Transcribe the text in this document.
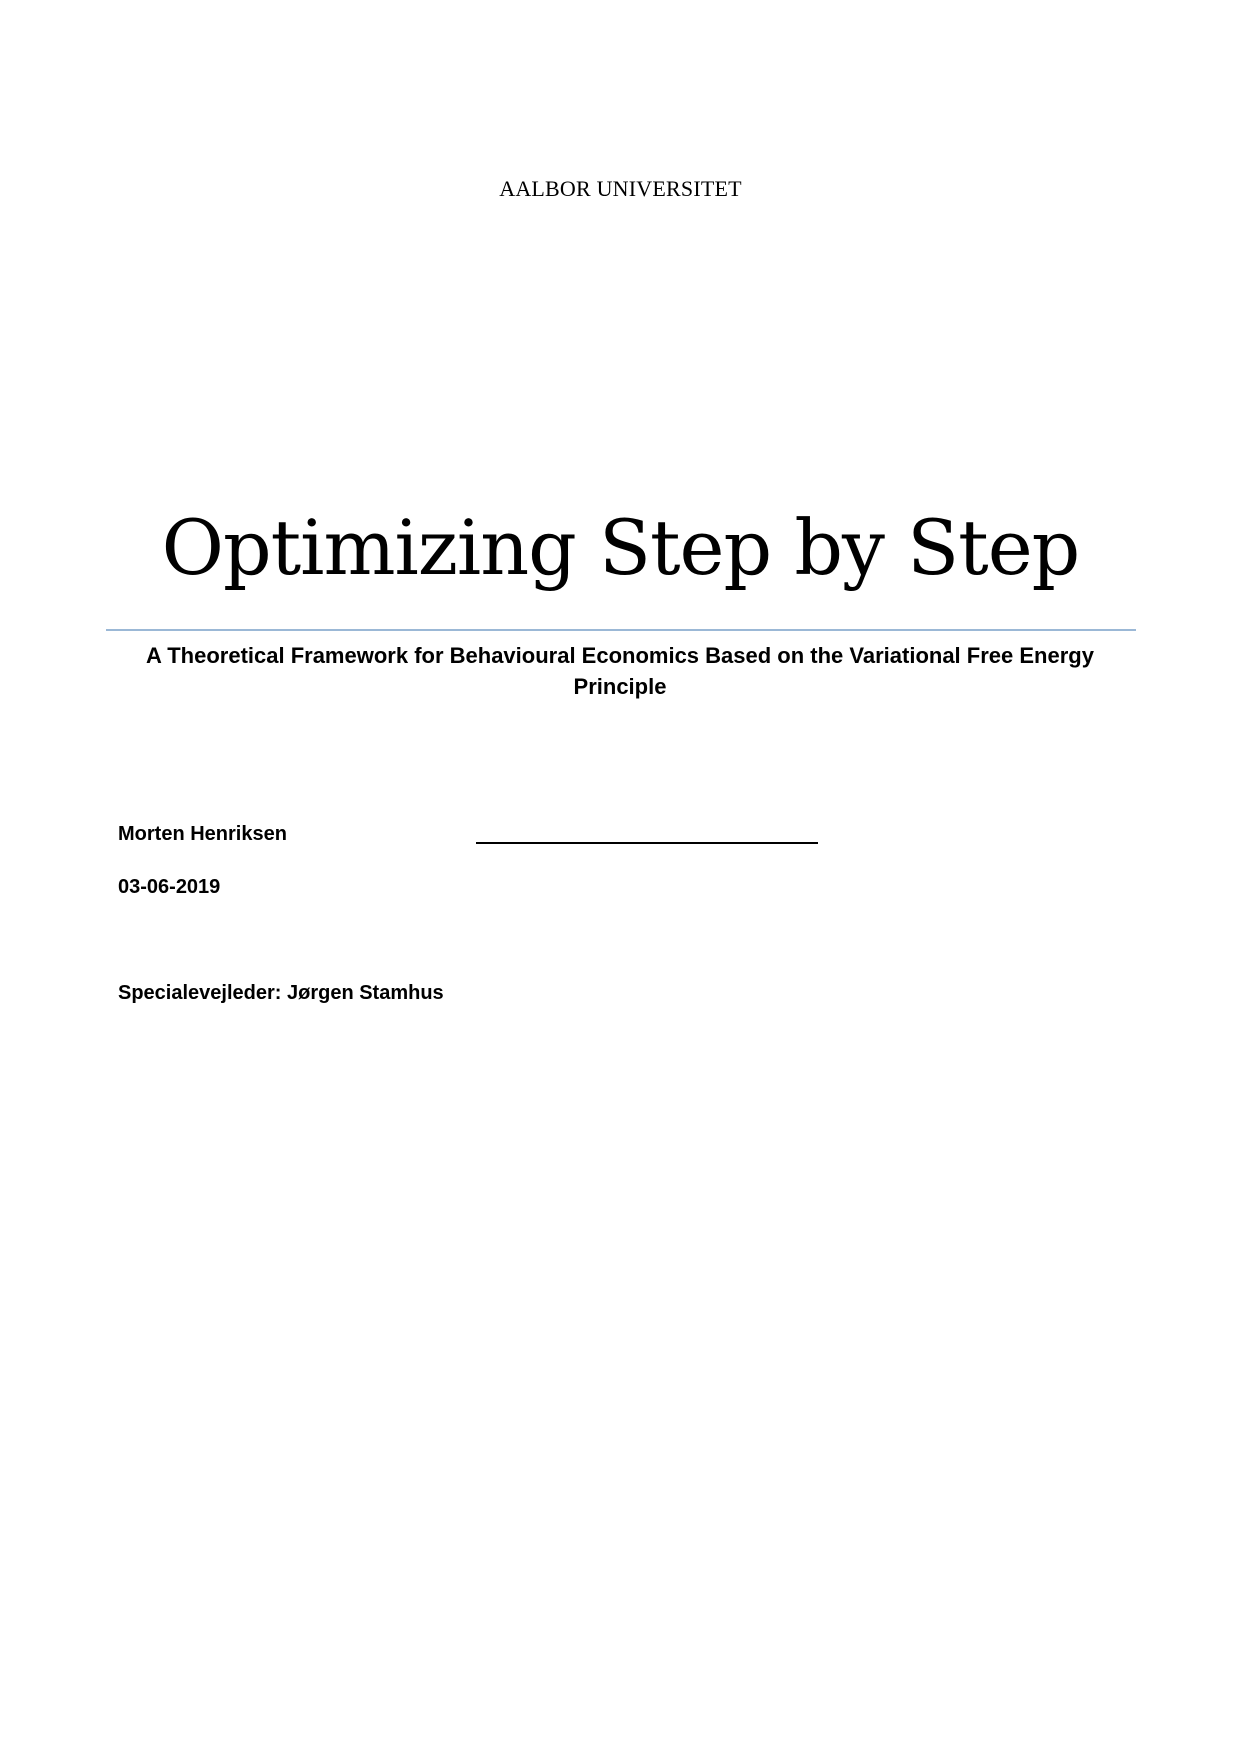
AALBOR UNIVERSITET
Optimizing Step by Step
A Theoretical Framework for Behavioural Economics Based on the Variational Free Energy Principle
Morten Henriksen
03-06-2019
Specialevejleder: Jørgen Stamhus
